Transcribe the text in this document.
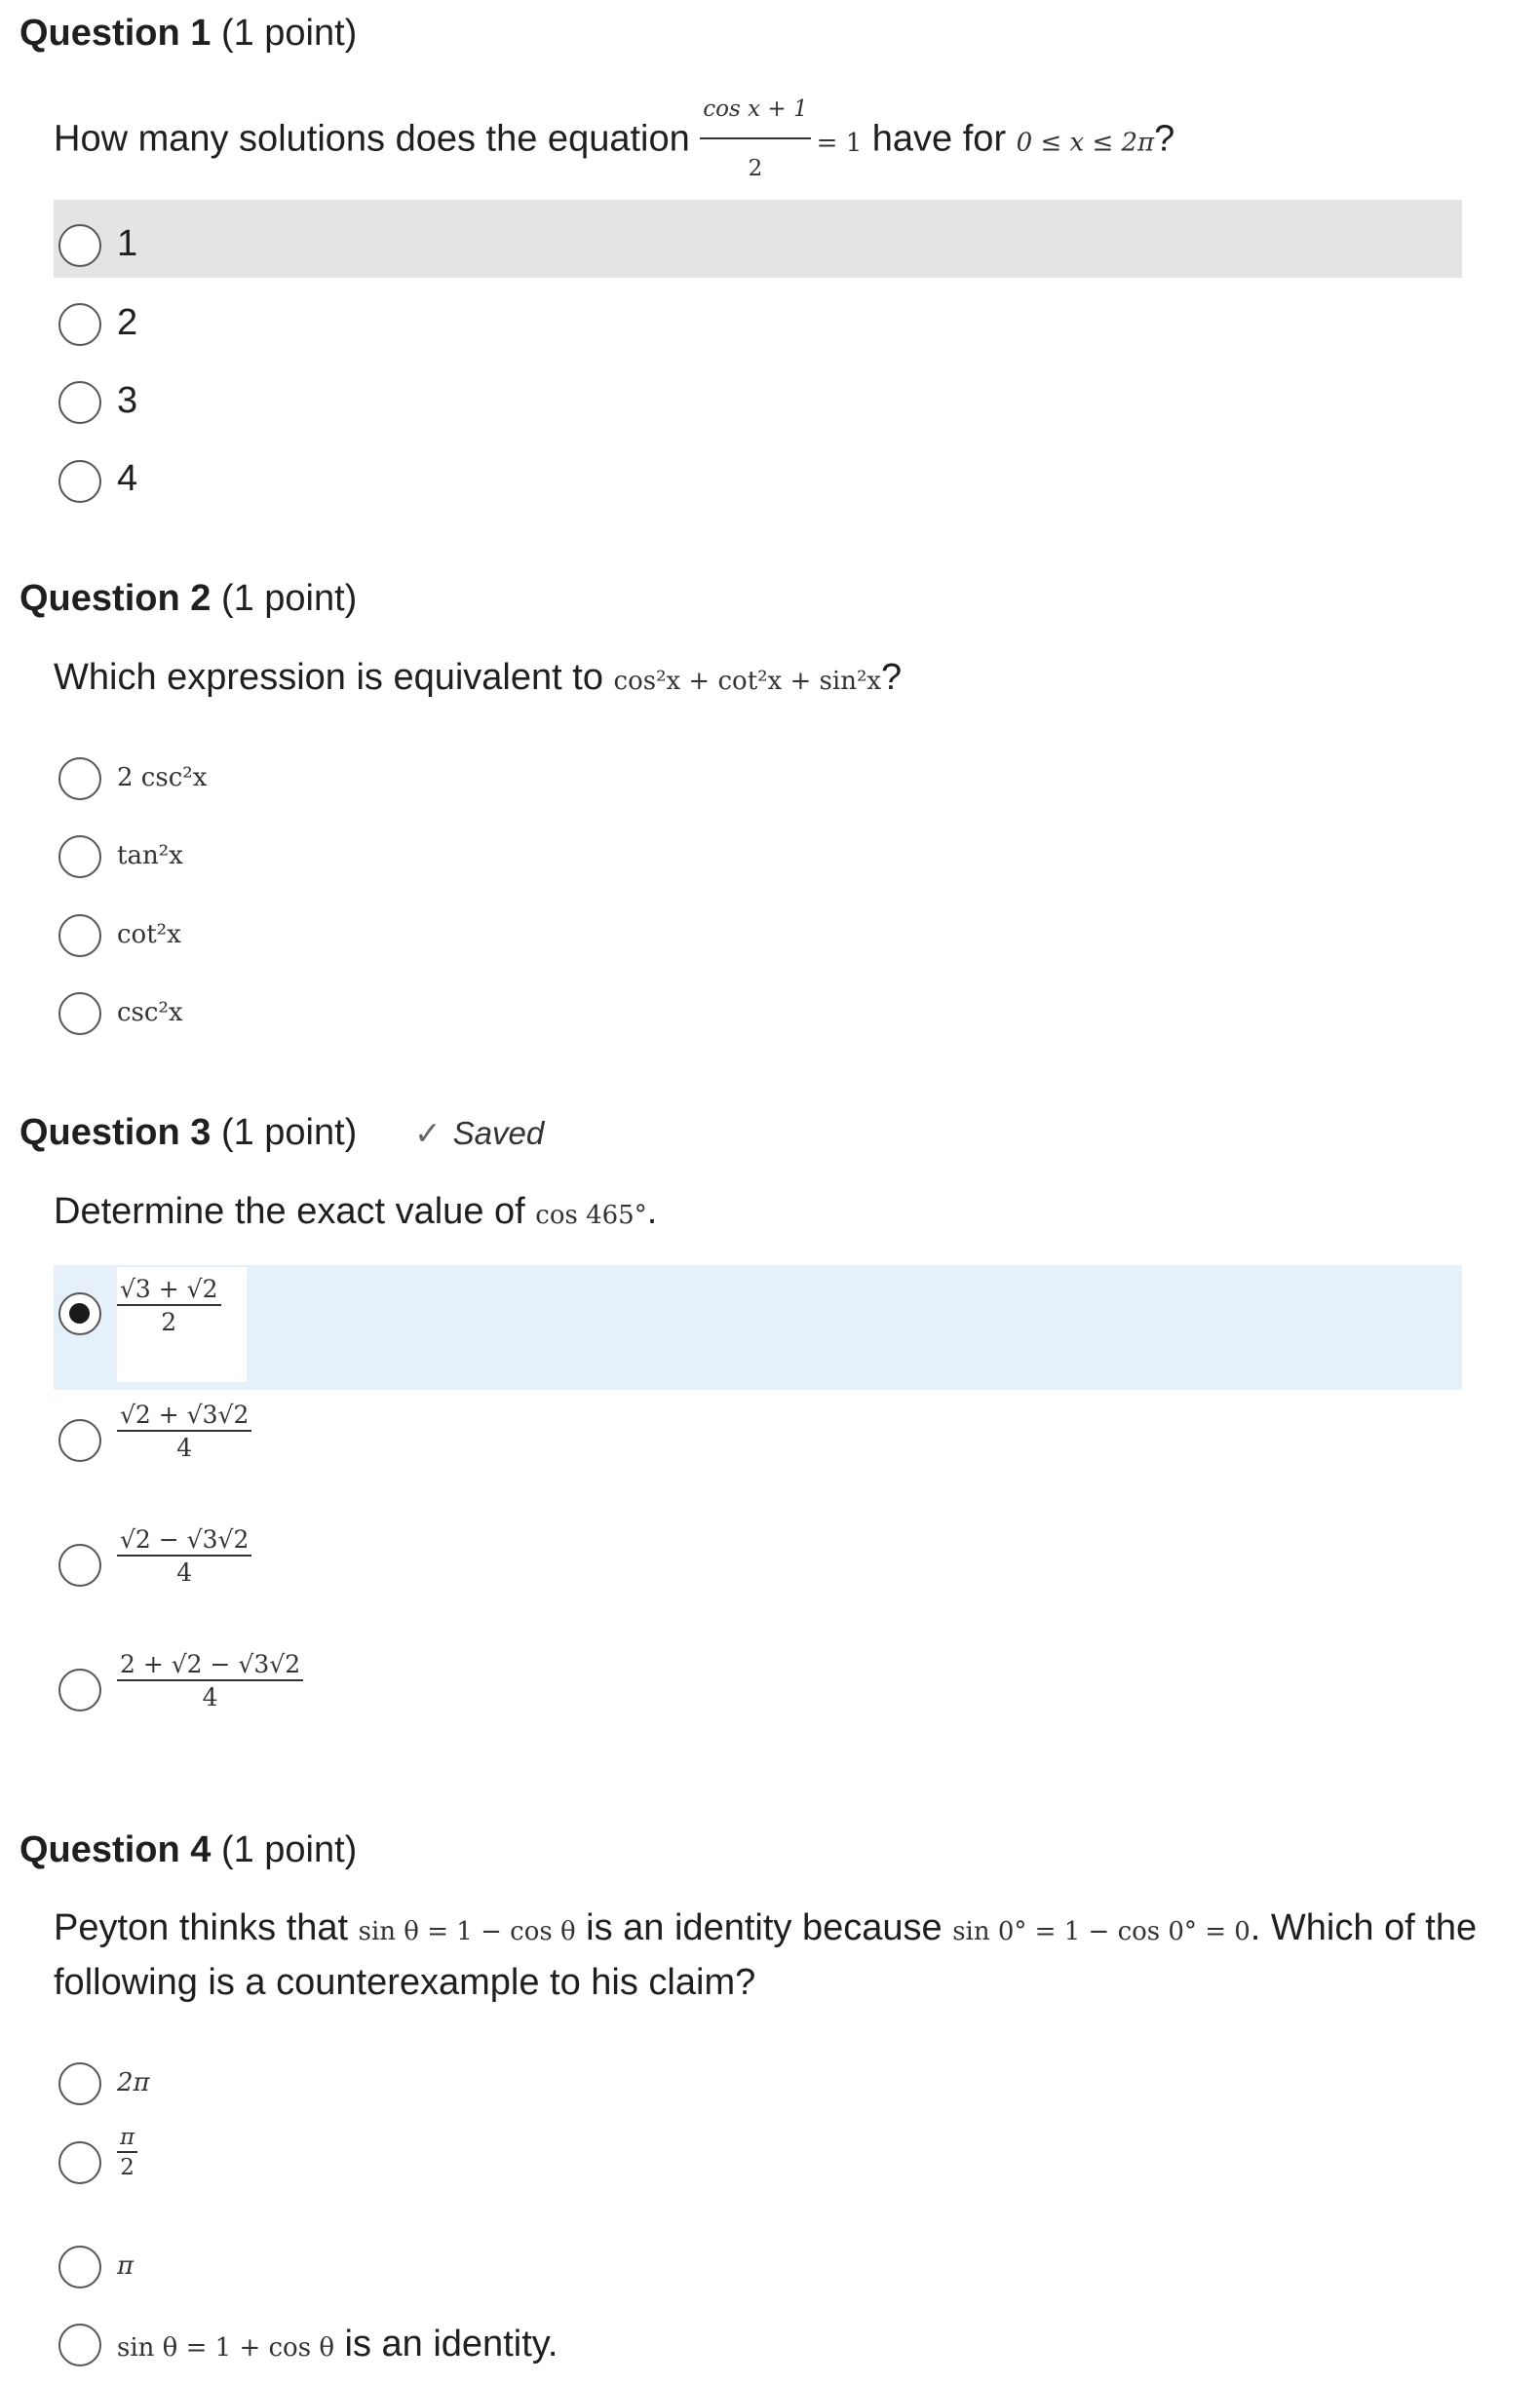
Question 1 (1 point)
How many solutions does the equation $\frac{\text{cos x + 1}}{2} = 1$ have for 0 ≤ x ≤ 2π?
1
2
3
4
Question 2 (1 point)
Which expression is equivalent to cos²x + cot²x + sin²x?
2 csc²x
tan²x
cot²x
csc²x
Question 3 (1 point) ✓ Saved
Determine the exact value of cos 465°.
$\frac{√3 + √2}{2}$
$\frac{√2 + √3√2}{4}$
$\frac{√2 - √3√2}{4}$
$\frac{2 + √2 - √3√2}{4}$
Question 4 (1 point)
Peyton thinks that sin θ = 1 − cos θ is an identity because sin 0° = 1 − cos 0° = 0. Which of the
following is a counterexample to his claim?
2π
$\frac{\pi}{2}$
π
sin θ = 1 + cos θ is an identity.
